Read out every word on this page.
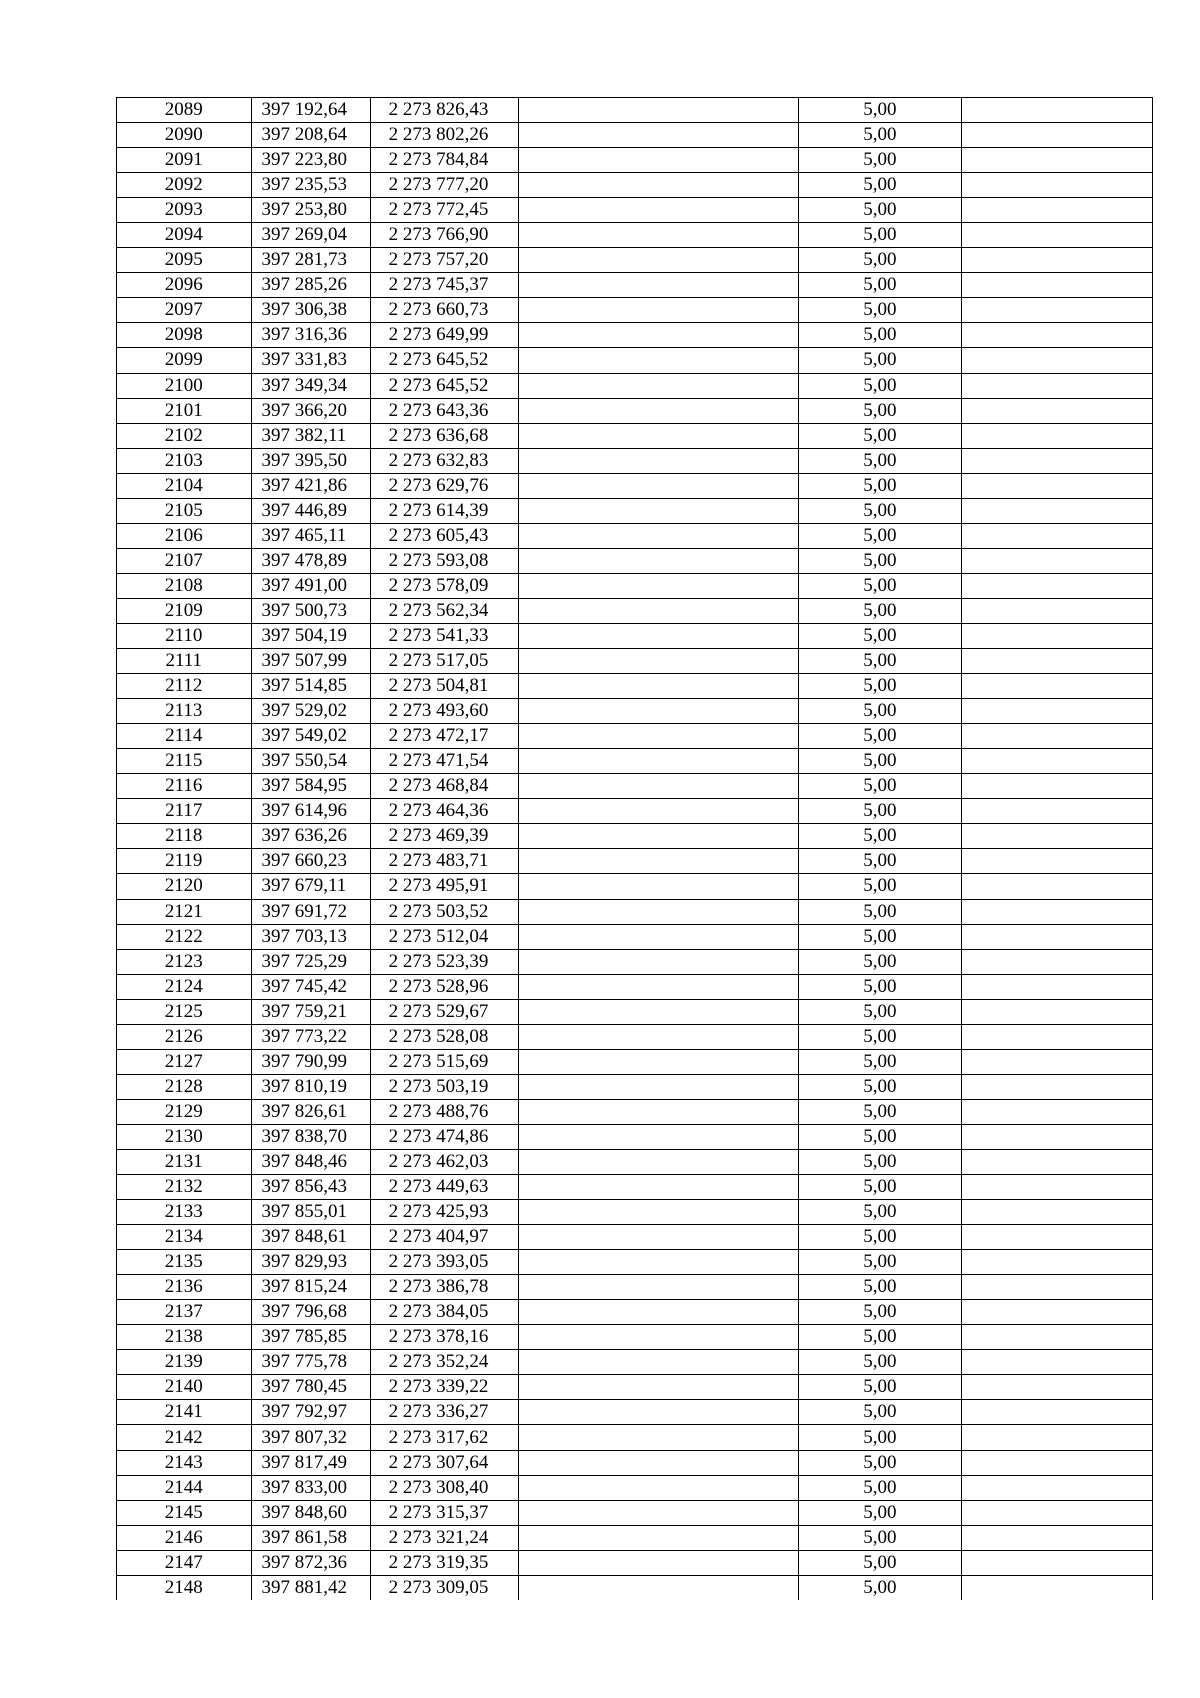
2089	397 192,64	2 273 826,43		5,00	
2090	397 208,64	2 273 802,26		5,00	
2091	397 223,80	2 273 784,84		5,00	
2092	397 235,53	2 273 777,20		5,00	
2093	397 253,80	2 273 772,45		5,00	
2094	397 269,04	2 273 766,90		5,00	
2095	397 281,73	2 273 757,20		5,00	
2096	397 285,26	2 273 745,37		5,00	
2097	397 306,38	2 273 660,73		5,00	
2098	397 316,36	2 273 649,99		5,00	
2099	397 331,83	2 273 645,52		5,00	
2100	397 349,34	2 273 645,52		5,00	
2101	397 366,20	2 273 643,36		5,00	
2102	397 382,11	2 273 636,68		5,00	
2103	397 395,50	2 273 632,83		5,00	
2104	397 421,86	2 273 629,76		5,00	
2105	397 446,89	2 273 614,39		5,00	
2106	397 465,11	2 273 605,43		5,00	
2107	397 478,89	2 273 593,08		5,00	
2108	397 491,00	2 273 578,09		5,00	
2109	397 500,73	2 273 562,34		5,00	
2110	397 504,19	2 273 541,33		5,00	
2111	397 507,99	2 273 517,05		5,00	
2112	397 514,85	2 273 504,81		5,00	
2113	397 529,02	2 273 493,60		5,00	
2114	397 549,02	2 273 472,17		5,00	
2115	397 550,54	2 273 471,54		5,00	
2116	397 584,95	2 273 468,84		5,00	
2117	397 614,96	2 273 464,36		5,00	
2118	397 636,26	2 273 469,39		5,00	
2119	397 660,23	2 273 483,71		5,00	
2120	397 679,11	2 273 495,91		5,00	
2121	397 691,72	2 273 503,52		5,00	
2122	397 703,13	2 273 512,04		5,00	
2123	397 725,29	2 273 523,39		5,00	
2124	397 745,42	2 273 528,96		5,00	
2125	397 759,21	2 273 529,67		5,00	
2126	397 773,22	2 273 528,08		5,00	
2127	397 790,99	2 273 515,69		5,00	
2128	397 810,19	2 273 503,19		5,00	
2129	397 826,61	2 273 488,76		5,00	
2130	397 838,70	2 273 474,86		5,00	
2131	397 848,46	2 273 462,03		5,00	
2132	397 856,43	2 273 449,63		5,00	
2133	397 855,01	2 273 425,93		5,00	
2134	397 848,61	2 273 404,97		5,00	
2135	397 829,93	2 273 393,05		5,00	
2136	397 815,24	2 273 386,78		5,00	
2137	397 796,68	2 273 384,05		5,00	
2138	397 785,85	2 273 378,16		5,00	
2139	397 775,78	2 273 352,24		5,00	
2140	397 780,45	2 273 339,22		5,00	
2141	397 792,97	2 273 336,27		5,00	
2142	397 807,32	2 273 317,62		5,00	
2143	397 817,49	2 273 307,64		5,00	
2144	397 833,00	2 273 308,40		5,00	
2145	397 848,60	2 273 315,37		5,00	
2146	397 861,58	2 273 321,24		5,00	
2147	397 872,36	2 273 319,35		5,00	
2148	397 881,42	2 273 309,05		5,00	
